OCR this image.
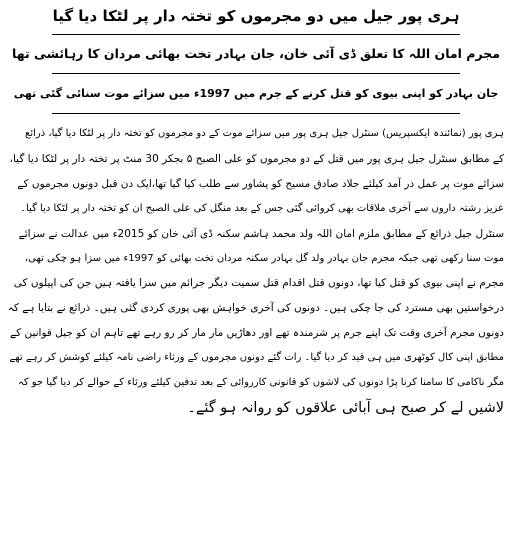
ہری پور جیل میں دو مجرموں کو تختہ دار پر لٹکا دیا گیا
مجرم امان اللہ کا تعلق ڈی آئی خان، جان بہادر تخت بھائی مردان کا رہائشی تھا
جان بہادر کو اپنی بیوی کو قتل کرنے کے جرم میں 1997ء میں سزائے موت سنائی گئی تھی
ہری پور (نمائندہ ایکسپریس) سنٹرل جیل ہری پور میں سزائے موت کے دو مجرموں کو تختہ دار پر لٹکا دیا گیا، ذرائع
کے مطابق سنٹرل جیل ہری پور میں قتل کے دو مجرموں کو علی الصبح ۵ بجکر 30 منٹ پر تختہ دار پر لٹکا دیا گیا،
سزائے موت پر عمل در آمد کیلئے جلاد صادق مسیح کو پشاور سے طلب کیا گیا تھا،ایک دن قبل دونوں مجرموں کے
عزیز رشتہ داروں سے آخری ملاقات بھی کروائی گئی جس کے بعد منگل کی علی الصبح ان کو تختہ دار پر لٹکا دیا گیا۔
سنٹرل جیل ذرائع کے مطابق ملزم امان اللہ ولد محمد ہاشم سکنہ ڈی آئی خان کو 2015ء میں عدالت نے سزائے
موت سنا رکھی تھی جبکہ مجرم جان بہادر ولد گل بہادر سکنہ مردان تخت بھائی کو 1997ء میں سزا ہو چکی تھی،
مجرم نے اپنی بیوی کو قتل کیا تھا، دونوں قتل اقدام قتل سمیت دیگر جرائم میں سزا یافتہ ہیں جن کی اپیلوں کی
درخواستیں بھی مسترد کی جا چکی ہیں۔ دونوں کی آخری خواہش بھی پوری کردی گئی ہیں۔ ذرائع نے بتایا ہے کہ
دونوں مجرم آخری وقت تک اپنے جرم پر شرمندہ تھے اور دھاڑیں مار مار کر رو رہے تھے تاہم ان کو جیل قوانین کے
مطابق اپنی کال کوٹھری میں ہی قید کر دیا گیا۔ رات گئے دونوں مجرموں کے ورثاء راضی نامہ کیلئے کوشش کر رہے تھے
مگر ناکامی کا سامنا کرنا پڑا دونوں کی لاشوں کو قانونی کارروائی کے بعد تدفین کیلئے ورثاء کے حوالے کر دیا گیا جو کہ
لاشیں لے کر صبح ہی آبائی علاقوں کو روانہ ہو گئے۔
